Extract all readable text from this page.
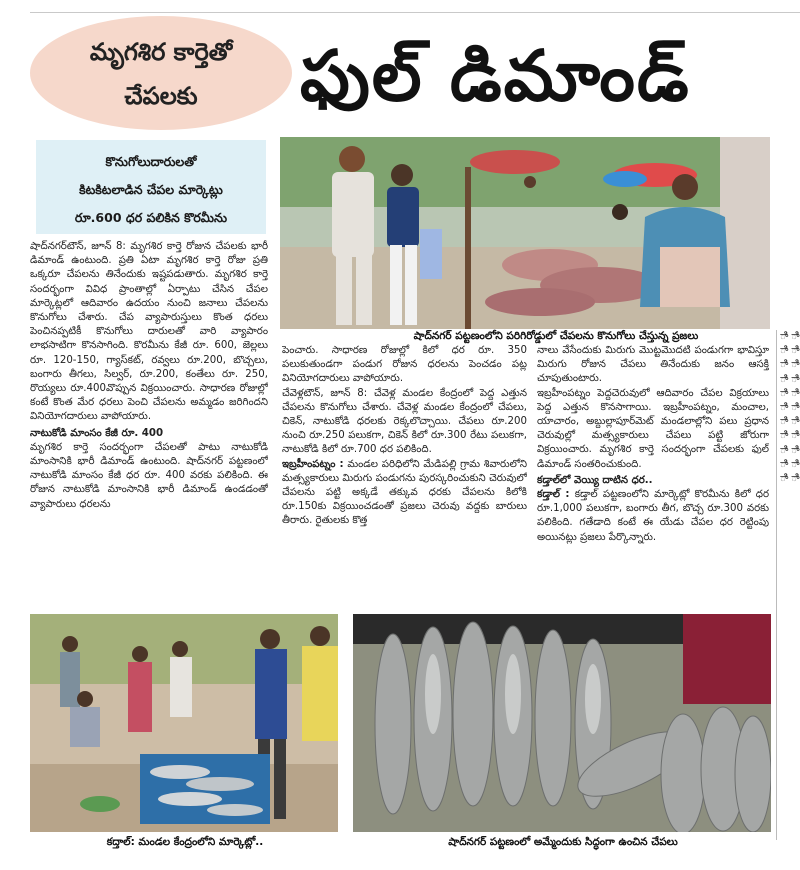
మృగశిర కార్తెతో
చేపలకు	ఫుల్‌ డిమాండ్‌
కొనుగోలుదారులతో
కిటకిటలాడిన చేపల మార్కెట్లు
రూ.600 ధర పలికిన కొరమీను
షాద్‌నగర్ పట్టణంలోని పరిగిరోడ్డులో చేపలను కొనుగోలు చేస్తున్న ప్రజలు

షాద్‌నగర్‌టౌన్, జూన్ 8: మృగశిర కార్తె రోజున చేపలకు భారీ డిమాండ్ ఉంటుంది. ప్రతి ఏటా మృగశిర కార్తె రోజు ప్రతి ఒక్కరూ చేపలను తినేందుకు ఇష్టపడుతారు. మృగశిర కార్తె సందర్భంగా వివిధ ప్రాంతాల్లో ఏర్పాటు చేసిన చేపల మార్కెట్లలో ఆదివారం ఉదయం నుంచి జనాలు చేపలను కొనుగోలు చేశారు. చేప వ్యాపారుస్తులు కొంత ధరలు పెంచినప్పటికీ కొనుగోలు దారులతో వారి వ్యాపారం లాభసాటిగా కొనసాగింది. కొరమీను కేజీ రూ. 600, జెల్లలు రూ. 120-150, గ్యాస్‌కట్‌, రవ్వలు రూ.200, బొచ్చలు, బంగారు తీగలు, సిల్వర్‌, రూ.200, కంతేలు రూ. 250, రొయ్యలు రూ.400వొప్పున విక్రయించారు. సాధారణ రోజుల్లో కంటే కొంత మేర ధరలు పెంచి చేపలను అమ్మడం జరిగిందని వినియోగదారులు వాపోయారు.

నాటుకోడి మాంసం కేజీ రూ. 400

మృగశిర కార్తె సందర్భంగా చేపలతో పాటు నాటుకోడి మాంసానికి భారీ డిమాండ్ ఉంటుంది. షాద్‌నగర్ పట్టణంలో నాటుకోడి మాంసం కేజీ ధర రూ. 400 వరకు పలికింది. ఈ రోజున నాటుకోడి మాంసానికి భారీ డిమాండ్ ఉండడంతో వ్యాపారులు ధరలను

పెంచారు. సాధారణ రోజుల్లో కిలో ధర రూ. 350 పలుకుతుండగా పండుగ రోజున ధరలను పెంచడం పట్ల వినియోగదారులు వాపోయారు.

చేవెళ్లటౌన్, జూన్ 8: చేవెళ్ల మండల కేంద్రంలో పెద్ద ఎత్తున చేపలను కొనుగోలు చేశారు. చేవెళ్ల మండల కేంద్రంలో చేపలు, చికెన్, నాటుకోడి ధరలకు రెక్కలొచ్చాయి. చేపలు రూ.200 నుంచి రూ.250 పలుకగా, చికెన్ కిలో రూ.300 రేటు పలుకగా, నాటుకోడి కిలో రూ.700 ధర పలికింది.

ఇబ్రహీంపట్నం : మండల పరిధిలోని మేడిపల్లి గ్రామ శివారులోని మత్స్యకారులు మిరుగు పండుగను పురస్కరించుకుని చెరువులో చేపలను పట్టి అక్కడే తక్కువ ధరకు చేపలను కిలోకి రూ.150కు విక్రయించడంతో ప్రజలు చెరువు వద్దకు బారులు తీరారు. రైతులకు కొత్త

నాలు వేసేందుకు మిరుగు మొట్టమొదటి పండుగగా భావిస్తూ మిరుగు రోజున చేపలు తినేందుకు జనం ఆసక్తి చూపుతుంటారు.

ఇబ్రహీంపట్నం పెద్దచెరువులో ఆదివారం చేపల విక్రయాలు పెద్ద ఎత్తున కొనసాగాయి. ఇబ్రహీంపట్నం, మంచాల, యాచారం, అబ్దుల్లాపూర్‌మెట్ మండలాల్లోని పలు ప్రధాన చెరువుల్లో మత్స్యకారులు చేపలు పట్టి జోరుగా విక్రయించారు. మృగశిర కార్తె సందర్భంగా చేపలకు ఫుల్ డిమాండ్ సంతరించుకుంది.

కడ్తాల్‌లో వెయ్యి దాటిన ధర..

కడ్తాల్ : కడ్తాల్ పట్టణంలోని మార్కెట్లో కొరమీను కిలో ధర రూ.1,000 పలుకగా, బంగారు తీగ, బొచ్చ రూ.300 వరకు పలికింది. గతేడాది కంటే ఈ యేడు చేపల ధర రెట్టింపు అయినట్లు ప్రజలు పేర్కొన్నారు.

ాి ాి ాి ాి ాి ాి ాి ాి ాి ాి ాి ాి ాి ాి ాి ాి ాి ాి ాి ాి ాి ాి
కద్తాల్: మండల కేంద్రంలోని మార్కెట్లో..	షాద్‌నగర్ పట్టణంలో అమ్మేందుకు సిద్ధంగా ఉంచిన చేపలు
